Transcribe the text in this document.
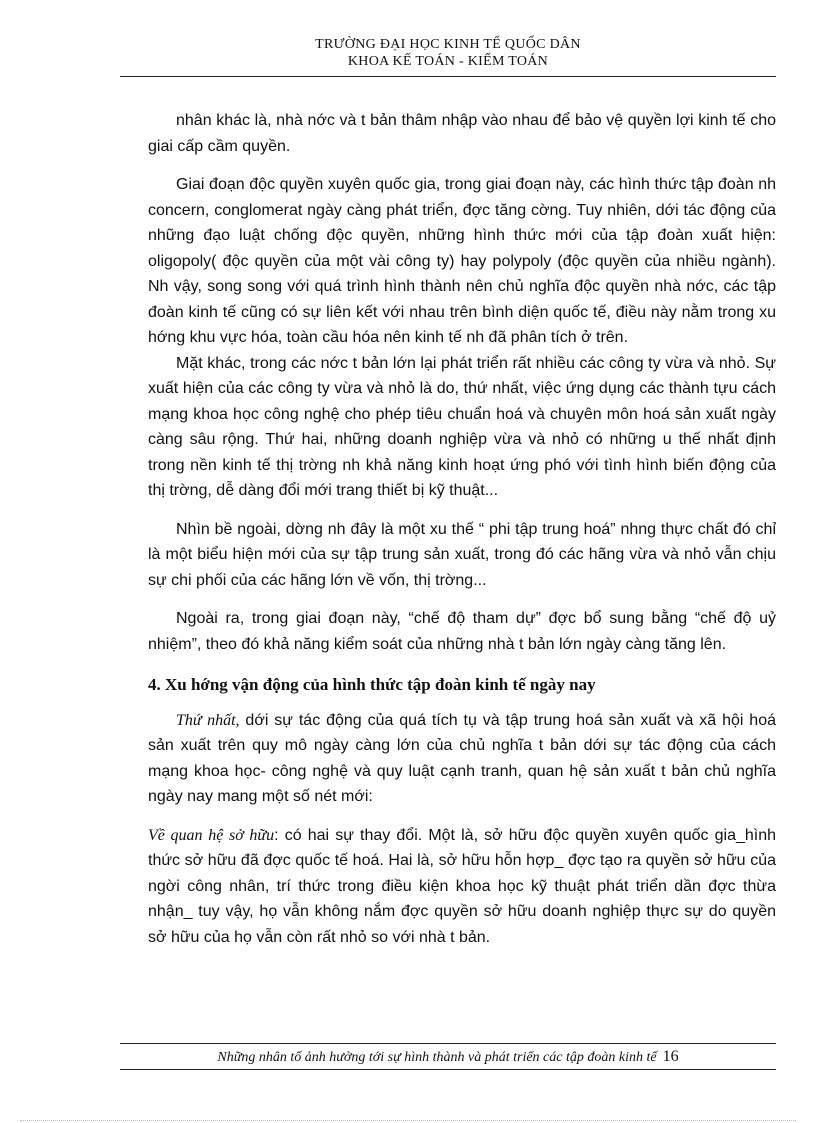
TRƯỜNG ĐẠI HỌC KINH TẾ QUỐC DÂN
KHOA KẾ TOÁN - KIỂM TOÁN

nhân khác là, nhà nớc và t bản thâm nhập vào nhau để bảo vệ quyền lợi kinh tế cho giai cấp cầm quyền.

Giai đoạn độc quyền xuyên quốc gia, trong giai đoạn này, các hình thức tập đoàn nh concern, conglomerat ngày càng phát triển, đợc tăng cờng. Tuy nhiên, dới tác động của những đạo luật chống độc quyền, những hình thức mới của tập đoàn xuất hiện: oligopoly( độc quyền của một vài công ty) hay polypoly (độc quyền của nhiều ngành). Nh vậy, song song với quá trình hình thành nên chủ nghĩa độc quyền nhà nớc, các tập đoàn kinh tế cũng có sự liên kết với nhau trên bình diện quốc tế, điều này nằm trong xu hớng khu vực hóa, toàn cầu hóa nên kinh tế nh đã phân tích ở trên.

Mặt khác, trong các nớc t bản lớn lại phát triển rất nhiều các công ty vừa và nhỏ. Sự xuất hiện của các công ty vừa và nhỏ là do, thứ nhất, việc ứng dụng các thành tựu cách mạng khoa học công nghệ cho phép tiêu chuẩn hoá và chuyên môn hoá sản xuất ngày càng sâu rộng. Thứ hai, những doanh nghiệp vừa và nhỏ có những u thế nhất định trong nền kinh tế thị trờng nh khả năng kinh hoạt ứng phó với tình hình biến động của thị trờng, dễ dàng đổi mới trang thiết bị kỹ thuật...

Nhìn bề ngoài, dờng nh đây là một xu thế “ phi tập trung hoá” nhng thực chất đó chỉ là một biểu hiện mới của sự tập trung sản xuất, trong đó các hãng vừa và nhỏ vẫn chịu sự chi phối của các hãng lớn về vốn, thị trờng...

Ngoài ra, trong giai đoạn này, “chế độ tham dự” đợc bổ sung bằng “chế độ uỷ nhiệm”, theo đó khả năng kiểm soát của những nhà t bản lớn ngày càng tăng lên.

4. Xu hớng vận động của hình thức tập đoàn kinh tế ngày nay

Thứ nhất, dới sự tác động của quá tích tụ và tập trung hoá sản xuất và xã hội hoá sản xuất trên quy mô ngày càng lớn của chủ nghĩa t bản dới sự tác động của cách mạng khoa học- công nghệ và quy luật cạnh tranh, quan hệ sản xuất t bản chủ nghĩa ngày nay mang một số nét mới:

Về quan hệ sở hữu: có hai sự thay đổi. Một là, sở hữu độc quyền xuyên quốc gia_hình thức sở hữu đã đợc quốc tế hoá. Hai là, sở hữu hỗn hợp_ đợc tạo ra quyền sở hữu của ngời công nhân, trí thức trong điều kiện khoa học kỹ thuật phát triển dần đợc thừa nhận_ tuy vậy, họ vẫn không nắm đợc quyền sở hữu doanh nghiệp thực sự do quyền sở hữu của họ vẫn còn rất nhỏ so với nhà t bản.

Những nhân tố ảnh hưởng tới sự hình thành và phát triển các tập đoàn kinh tế 16
